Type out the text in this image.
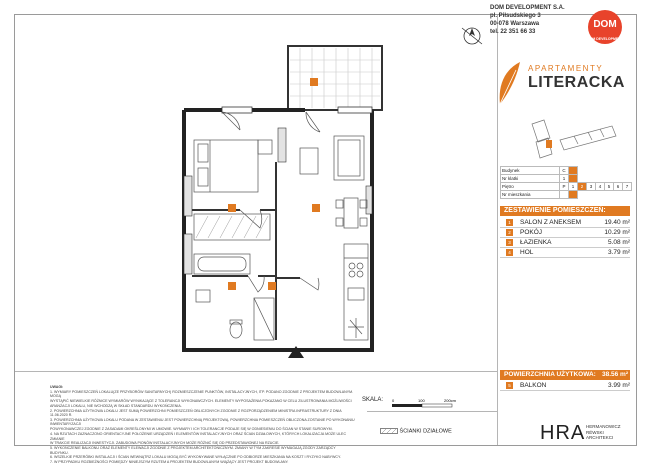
DOM DEVELOPMENT S.A.
pl. Piłsudskiego 3
00-078 Warszawa
tel. 22 351 66 33
DOM
DOM DEVELOPMENT
APARTAMENTY
LITERACKA
Budynek	C							
Nr klatki	1							
Piętro	P	1	2	3	4	5	6	7
Nr mieszkania								
ZESTAWIENIE POMIESZCZEŃ:
1	SALON Z ANEKSEM	19.40 m²
2	POKÓJ	10.29 m²
3	ŁAZIENKA	5.08 m²
4	HOL	3.79 m²
POWIERZCHNIA UŻYTKOWA: 38.56 m²
5	BALKON	3.99 m²

UWAGI:

1. WYMIARY POMIESZCZEŃ LOKALU(ZE PRZYBORÓW SANITARNYCH) ROZMIESZCZENIE PUNKTÓW, INSTALACYJNYCH, ITP. PODANO ZGODNIE Z PROJEKTEM BUDOWLANYM. MOGĄ

WYSTĄPIĆ NIEWIELKIE RÓŻNICE WYMIARÓW WYNIKAJĄCE Z TOLERANCJI WYKONAWCZYCH. ELEMENTY WYPOSAŻENIA POKAZANO W CELU ZILUSTROWANIA MOŻLIWOŚCI

ARANŻACJI LOKALU, NIE WCHODZĄ W SKŁAD STANDARDU WYKOŃCZENIA.

2. POWIERZCHNIA UŻYTKOWA LOKALU JEST SUMĄ POWIERZCHNI POMIESZCZEŃ OBLICZONYCH ZGODNIE Z ROZPORZĄDZENIEM MINISTRA INFRASTRUKTURY Z DNIA 11.06.2020 R.

3. POWIERZCHNIA UŻYTKOWA LOKALU PODANA W ZESTAWIENIU JEST POWIERZCHNIĄ PROJEKTOWĄ. POWIERZCHNIA POMIESZCZEŃ OBLICZONA ZOSTANIE PO WYKONANIU INWENTARYZACJI

POWYKONAWCZEJ ZGODNIE Z ZASADAMI OKREŚLONYMI W UMOWIE. WYMIARY I ICH TOLERANCJE PODAJE SIĘ W ODNIESIENIU DO ŚCIAN W STANIE SUROWYM.

4. NA RZUTACH ZAZNACZONO ORIENTACYJNE POŁOŻENIE URZĄDZEŃ I ELEMENTÓW INSTALACYJNYCH ORAZ ŚCIAN DZIAŁOWYCH, KTÓRYCH LOKALIZACJA MOŻE ULEC ZMIANIE

W TRAKCIE REALIZACJI INWESTYCJI. ZABUDOWA PIONÓW INSTALACYJNYCH MOŻE RÓŻNIĆ SIĘ OD PRZEDSTAWIONEJ NA RZUCIE.

5. WYKOŃCZENIE BALKONU ORAZ ELEMENTY ELEWACJI ZGODNIE Z PROJEKTEM ARCHITEKTONICZNYM. ZMIANY W TYM ZAKRESIE WYMAGAJĄ ZGODY ZARZĄDCY BUDYNKU.

6. WSZELKIE PRZERÓBKI INSTALACJI I ŚCIAN WEWNĄTRZ LOKALU MOGĄ BYĆ WYKONYWANE WYŁĄCZNIE PO ODBIORZE MIESZKANIA NA KOSZT I RYZYKO NABYWCY.

7. W PRZYPADKU ROZBIEŻNOŚCI POMIĘDZY NINIEJSZYM RZUTEM A PROJEKTEM BUDOWLANYM WIĄŻĄCY JEST PROJEKT BUDOWLANY.

SKALA: 0	100	200cm
ŚCIANKI DZIAŁOWE	HRA HERMANOWICZ
RÉWSKI
ARCHITEKCI
